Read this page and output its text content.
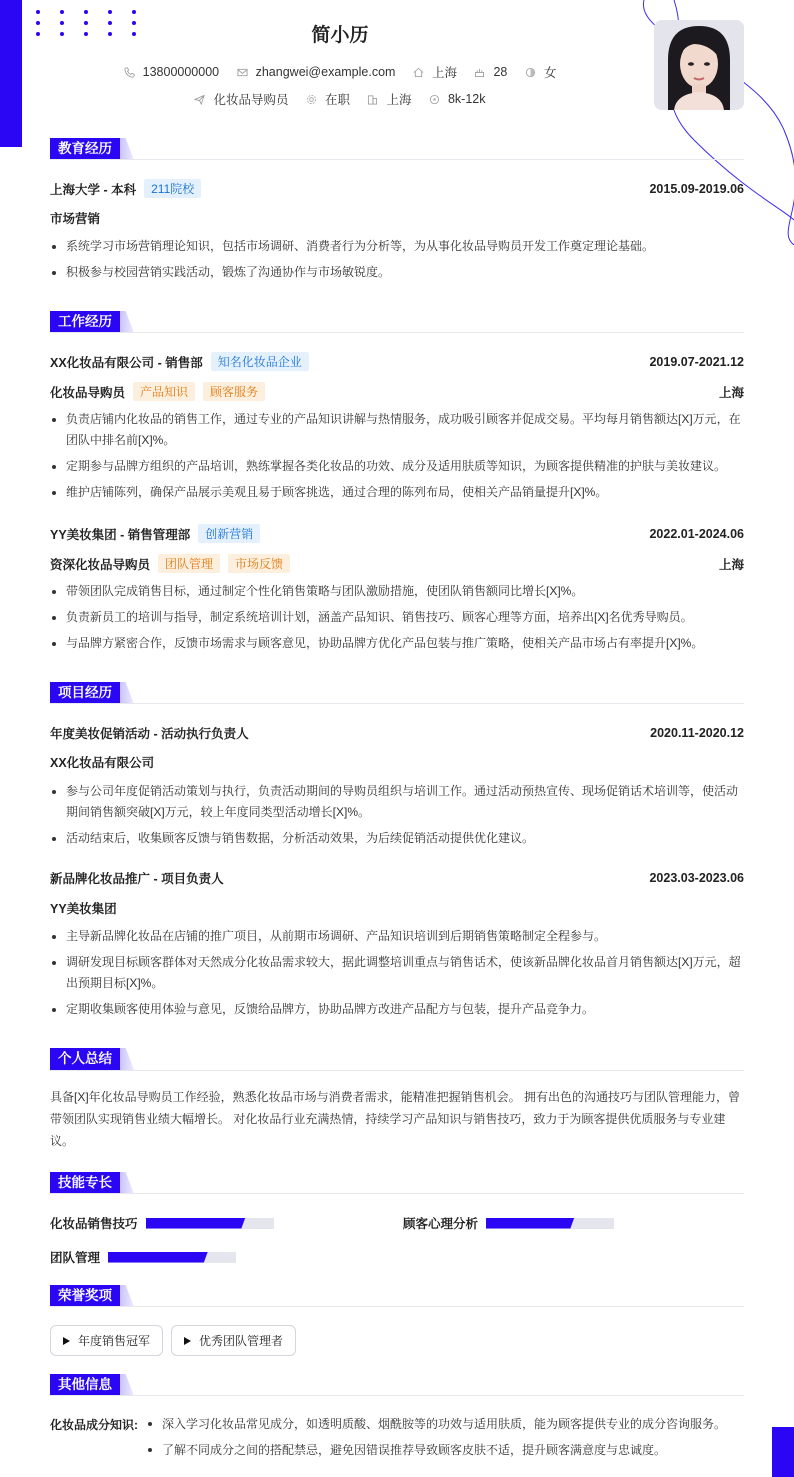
简小历
13800000000
	zhangwei@example.com
	上海
	28
	女
化妆品导购员
	在职
	上海
	8k-12k
教育经历
上海大学 - 本科	211院校	2015.09-2019.06
市场营销
系统学习市场营销理论知识，包括市场调研、消费者行为分析等，为从事化妆品导购员开发工作奠定理论基础。
积极参与校园营销实践活动，锻炼了沟通协作与市场敏锐度。
工作经历
XX化妆品有限公司 - 销售部	知名化妆品企业	2019.07-2021.12
化妆品导购员	产品知识	顾客服务	上海
负责店铺内化妆品的销售工作，通过专业的产品知识讲解与热情服务，成功吸引顾客并促成交易。平均每月销售额达[X]万元，在团队中排名前[X]%。
定期参与品牌方组织的产品培训，熟练掌握各类化妆品的功效、成分及适用肤质等知识，为顾客提供精准的护肤与美妆建议。
维护店铺陈列，确保产品展示美观且易于顾客挑选，通过合理的陈列布局，使相关产品销量提升[X]%。
YY美妆集团 - 销售管理部	创新营销	2022.01-2024.06
资深化妆品导购员	团队管理	市场反馈	上海
带领团队完成销售目标，通过制定个性化销售策略与团队激励措施，使团队销售额同比增长[X]%。
负责新员工的培训与指导，制定系统培训计划，涵盖产品知识、销售技巧、顾客心理等方面，培养出[X]名优秀导购员。
与品牌方紧密合作，反馈市场需求与顾客意见，协助品牌方优化产品包装与推广策略，使相关产品市场占有率提升[X]%。
项目经历
年度美妆促销活动 - 活动执行负责人	2020.11-2020.12
XX化妆品有限公司
参与公司年度促销活动策划与执行，负责活动期间的导购员组织与培训工作。通过活动预热宣传、现场促销话术培训等，使活动期间销售额突破[X]万元，较上年度同类型活动增长[X]%。
活动结束后，收集顾客反馈与销售数据，分析活动效果，为后续促销活动提供优化建议。
新品牌化妆品推广 - 项目负责人	2023.03-2023.06
YY美妆集团
主导新品牌化妆品在店铺的推广项目，从前期市场调研、产品知识培训到后期销售策略制定全程参与。
调研发现目标顾客群体对天然成分化妆品需求较大，据此调整培训重点与销售话术，使该新品牌化妆品首月销售额达[X]万元，超出预期目标[X]%。
定期收集顾客使用体验与意见，反馈给品牌方，协助品牌方改进产品配方与包装，提升产品竞争力。
个人总结
具备[X]年化妆品导购员工作经验，熟悉化妆品市场与消费者需求，能精准把握销售机会。 拥有出色的沟通技巧与团队管理能力，曾带领团队实现销售业绩大幅增长。 对化妆品行业充满热情，持续学习产品知识与销售技巧，致力于为顾客提供优质服务与专业建议。
技能专长
化妆品销售技巧	顾客心理分析
团队管理
荣誉奖项
年度销售冠军	优秀团队管理者
其他信息
化妆品成分知识:	深入学习化妆品常见成分，如透明质酸、烟酰胺等的功效与适用肤质，能为顾客提供专业的成分咨询服务。
了解不同成分之间的搭配禁忌，避免因错误推荐导致顾客皮肤不适，提升顾客满意度与忠诚度。
